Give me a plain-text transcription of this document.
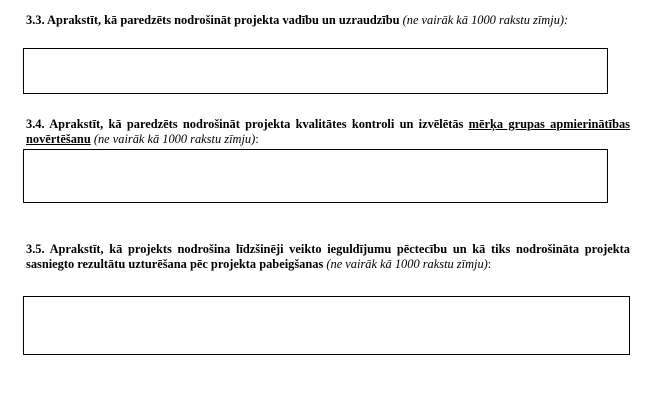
3.3. Aprakstīt, kā paredzēts nodrošināt projekta vadību un uzraudzību (ne vairāk kā 1000 rakstu zīmju):

3.4. Aprakstīt, kā paredzēts nodrošināt projekta kvalitātes kontroli un izvēlētās mērķa grupas apmierinātības novērtēšanu (ne vairāk kā 1000 rakstu zīmju):

3.5. Aprakstīt, kā projekts nodrošina līdzšinēji veikto ieguldījumu pēctecību un kā tiks nodrošināta projekta sasniegto rezultātu uzturēšana pēc projekta pabeigšanas (ne vairāk kā 1000 rakstu zīmju):
